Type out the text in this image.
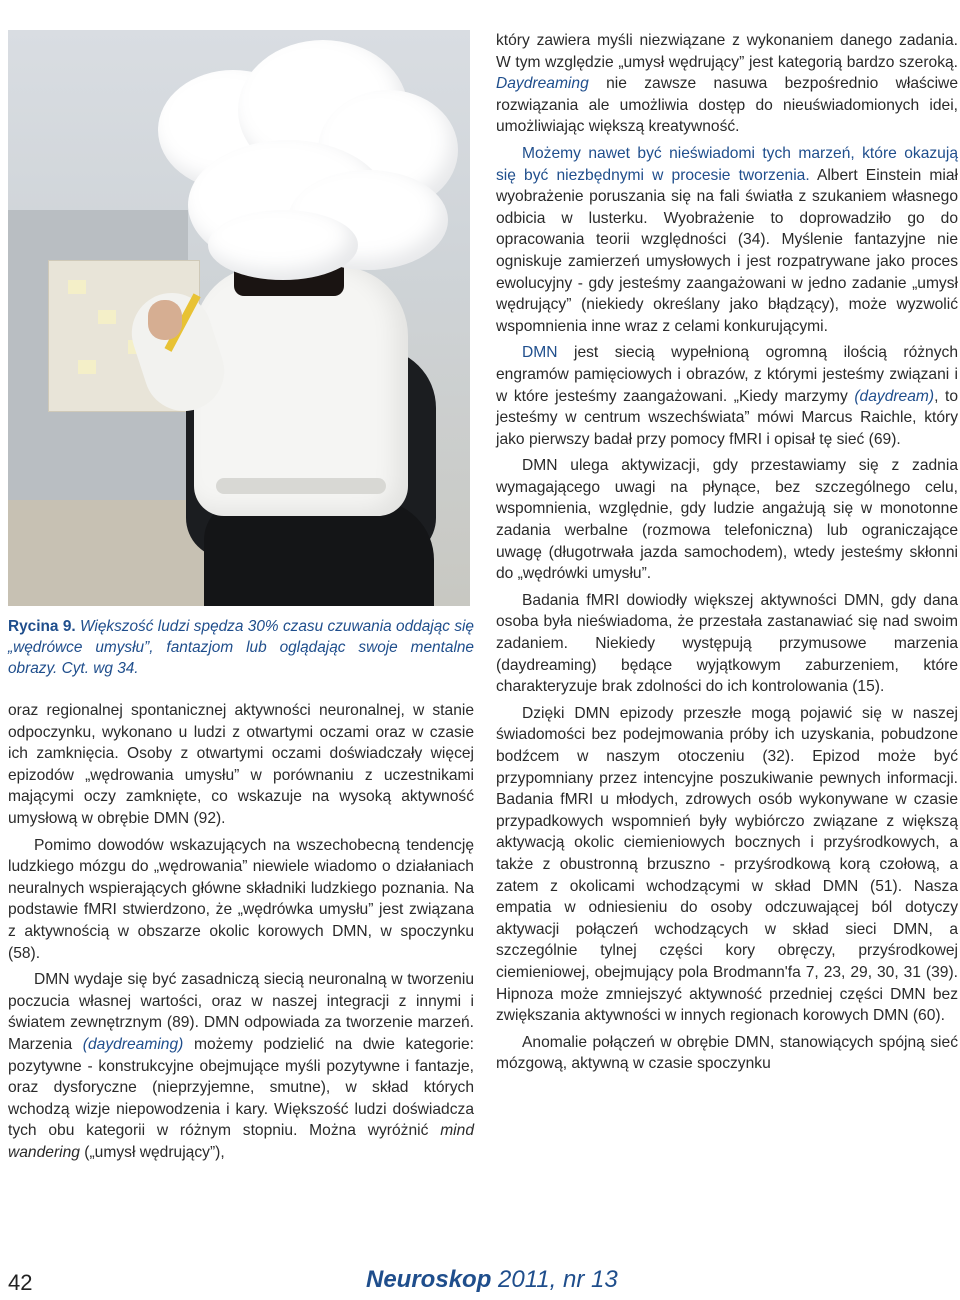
Rycina 9. Większość ludzi spędza 30% czasu czuwania oddając się „wędrówce umysłu”, fantazjom lub oglądając swoje mentalne obrazy. Cyt. wg 34.

oraz regionalnej spontanicznej aktywności neuronalnej, w stanie odpoczynku, wykonano u ludzi z otwartymi oczami oraz w czasie ich zamknięcia. Osoby z otwartymi oczami doświadczały więcej epizodów „wędrowania umysłu” w porównaniu z uczestnikami mającymi oczy zamknięte, co wskazuje na wysoką aktywność umysłową w obrębie DMN (92).

Pomimo dowodów wskazujących na wszechobecną tendencję ludzkiego mózgu do „wędrowania” niewiele wiadomo o działaniach neuralnych wspierających główne składniki ludzkiego poznania. Na podstawie fMRI stwierdzono, że „wędrówka umysłu” jest związana z aktywnością w obszarze okolic korowych DMN, w spoczynku (58).

DMN wydaje się być zasadniczą siecią neuronalną w tworzeniu poczucia własnej wartości, oraz w naszej integracji z innymi i światem zewnętrznym (89). DMN odpowiada za tworzenie marzeń. Marzenia (daydreaming) możemy podzielić na dwie kategorie: pozytywne - konstrukcyjne obejmujące myśli pozytywne i fantazje, oraz dysforyczne (nieprzyjemne, smutne), w skład których wchodzą wizje niepowodzenia i kary. Większość ludzi doświadcza tych obu kategorii w różnym stopniu. Można wyróżnić mind wandering („umysł wędrujący”),

który zawiera myśli niezwiązane z wykonaniem danego zadania. W tym względzie „umysł wędrujący” jest kategorią bardzo szeroką. Daydreaming nie zawsze nasuwa bezpośrednio właściwe rozwiązania ale umożliwia dostęp do nieuświadomionych idei, umożliwiając większą kreatywność.

Możemy nawet być nieświadomi tych marzeń, które okazują się być niezbędnymi w procesie tworzenia. Albert Einstein miał wyobrażenie poruszania się na fali światła z szukaniem własnego odbicia w lusterku. Wyobrażenie to doprowadziło go do opracowania teorii względności (34). Myślenie fantazyjne nie ogniskuje zamierzeń umysłowych i jest rozpatrywane jako proces ewolucyjny - gdy jesteśmy zaangażowani w jedno zadanie „umysł wędrujący” (niekiedy określany jako błądzący), może wyzwolić wspomnienia inne wraz z celami konkurującymi.

DMN jest siecią wypełnioną ogromną ilością różnych engramów pamięciowych i obrazów, z którymi jesteśmy związani i w które jesteśmy zaangażowani. „Kiedy marzymy (daydream), to jesteśmy w centrum wszechświata” mówi Marcus Raichle, który jako pierwszy badał przy pomocy fMRI i opisał tę sieć (69).

DMN ulega aktywizacji, gdy przestawiamy się z zadnia wymagającego uwagi na płynące, bez szczególnego celu, wspomnienia, względnie, gdy ludzie angażują się w monotonne zadania werbalne (rozmowa telefoniczna) lub ograniczające uwagę (długotrwała jazda samochodem), wtedy jesteśmy skłonni do „wędrówki umysłu”.

Badania fMRI dowiodły większej aktywności DMN, gdy dana osoba była nieświadoma, że przestała zastanawiać się nad swoim zadaniem. Niekiedy występują przymusowe marzenia (daydreaming) będące wyjątkowym zaburzeniem, które charakteryzuje brak zdolności do ich kontrolowania (15).

Dzięki DMN epizody przeszłe mogą pojawić się w naszej świadomości bez podejmowania próby ich uzyskania, pobudzone bodźcem w naszym otoczeniu (32). Epizod może być przypomniany przez intencyjne poszukiwanie pewnych informacji. Badania fMRI u młodych, zdrowych osób wykonywane w czasie przypadkowych wspomnień były wybiórczo związane z większą aktywacją okolic ciemieniowych bocznych i przyśrodkowych, a także z obustronną brzuszno - przyśrodkową korą czołową, a zatem z okolicami wchodzącymi w skład DMN (51). Nasza empatia w odniesieniu do osoby odczuwającej ból dotyczy aktywacji połączeń wchodzących w skład sieci DMN, a szczególnie tylnej części kory obręczy, przyśrodkowej ciemieniowej, obejmujący pola Brodmann'fa 7, 23, 29, 30, 31 (39). Hipnoza może zmniejszyć aktywność przedniej części DMN bez zwiększania aktywności w innych regionach korowych DMN (60).

Anomalie połączeń w obrębie DMN, stanowiących spójną sieć mózgową, aktywną w czasie spoczynku

42	Neuroskop 2011, nr 13
